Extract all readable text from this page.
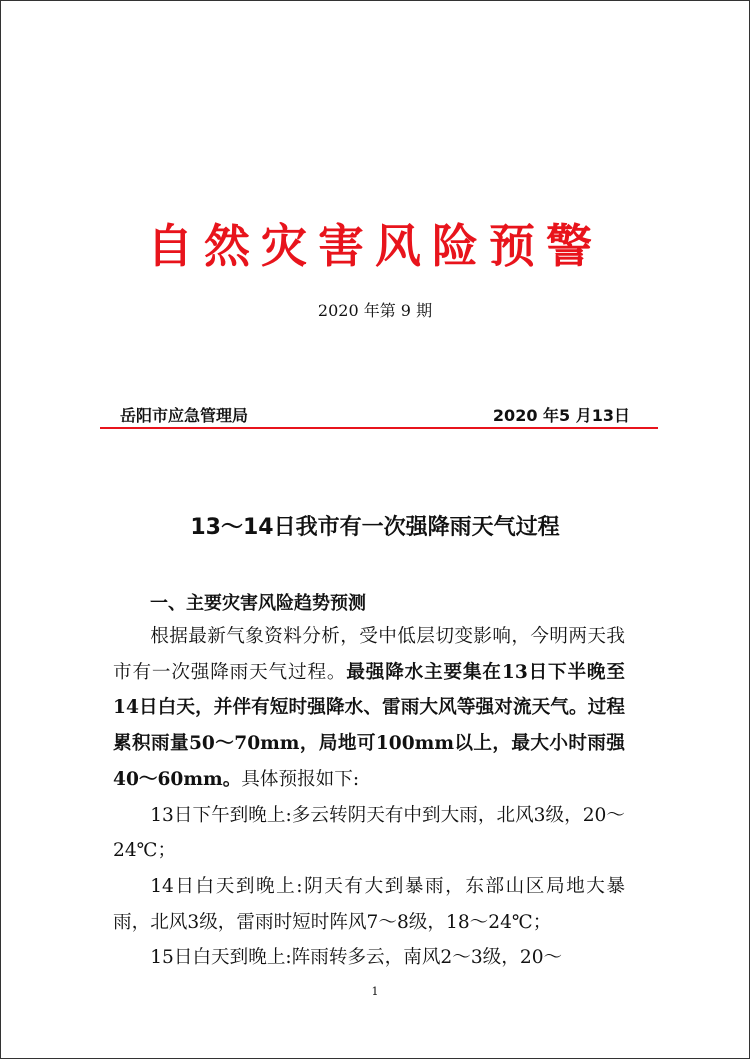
自然灾害风险预警
2020 年第 9 期
岳阳市应急管理局	2020 年5 月13日
13～14日我市有一次强降雨天气过程
一、主要灾害风险趋势预测

根据最新气象资料分析，受中低层切变影响，今明两天我市有一次强降雨天气过程。最强降水主要集在13日下半晚至14日白天，并伴有短时强降水、雷雨大风等强对流天气。过程累积雨量50～70mm，局地可100mm以上，最大小时雨强40～60mm。具体预报如下:

13日下午到晚上:多云转阴天有中到大雨，北风3级，20～24℃；

14日白天到晚上:阴天有大到暴雨，东部山区局地大暴雨，北风3级，雷雨时短时阵风7～8级，18～24℃；

15日白天到晚上:阵雨转多云，南风2～3级，20～

1
